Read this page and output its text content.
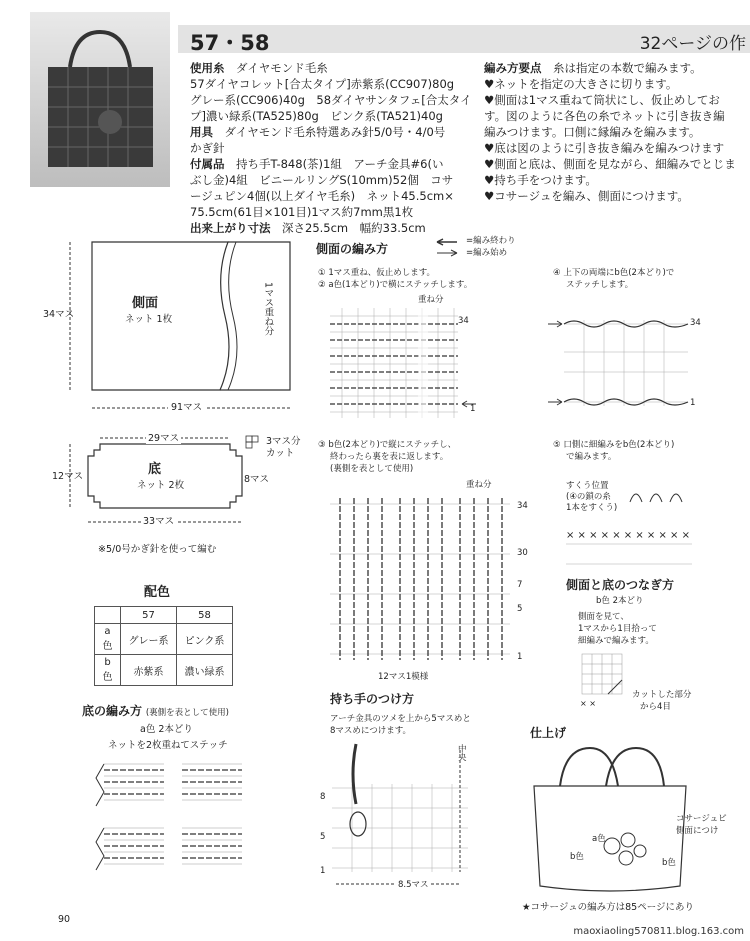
57・58	32ページの作
使用糸　 ダイヤモンド毛糸
57ダイヤコレット[合太タイプ]赤紫系(CC907)80g
グレー系(CC906)40g　58ダイヤサンタフェ[合太タイ
プ]濃い緑系(TA525)80g　ピンク系(TA521)40g
用具　 ダイヤモンド毛糸特選あみ針5/0号・4/0号
かぎ針
付属品　 持ち手T-848(茶)1組　アーチ金具#6(い
ぶし金)4組　ビニールリングS(10mm)52個　コサ
ージュピン4個(以上ダイヤ毛糸)　ネット45.5cm×
75.5cm(61目×101目)1マス約7mm黒1枚
出来上がり寸法　 深さ25.5cm　幅約33.5cm
編み方要点　 糸は指定の本数で編みます。
♥ネットを指定の大きさに切ります。
♥側面は1マス重ねて筒状にし、仮止めしてお
す。図のように各色の糸でネットに引き抜き編
編みつけます。口側に縁編みを編みます。
♥底は図のように引き抜き編みを編みつけます
♥側面と底は、側面を見ながら、細編みでとじま
♥持ち手をつけます。
♥コサージュを編み、側面につけます。
側面
ネット 1枚
34マス
91マス
1マス重ね分
底
ネット 2枚
29マス
12マス
33マス
8マス
3マス分
カット
※5/0号かぎ針を使って編む
配色
	57	58
a色	グレー系	ピンク系
b色	赤紫系	濃い緑系
底の編み方 (裏側を表として使用)
a色 2本どり
ネットを2枚重ねてステッチ
側面の編み方
=編み終わり
=編み始め
① 1マス重ね、仮止めします。
② a色(1本どり)で横にステッチします。
重ね分
34
1
③ b色(2本どり)で縦にステッチし、
終わったら裏を表に返します。
(裏側を表として使用)
重ね分
34
30
7
5
1
12マス1模様
④ 上下の両端にb色(2本どり)で
ステッチします。
34
1
⑤ 口側に細編みをb色(2本どり)
で編みます。
すくう位置
(④の鎖の糸
1本をすくう)
× × × × × × × × × × ×
側面と底のつなぎ方
b色 2本どり
側面を見て、
1マスから1目拾って
細編みで編みます。
× ×
カットした部分
から4目
持ち手のつけ方
アーチ金具のツメを上から5マスめと
8マスめにつけます。
中央
8
5
1
8.5マス
仕上げ
a色
b色
b色
コサージュピ
側面につけ
★コサージュの編み方は85ページにあり
90
maoxiaoling570811.blog.163.com
